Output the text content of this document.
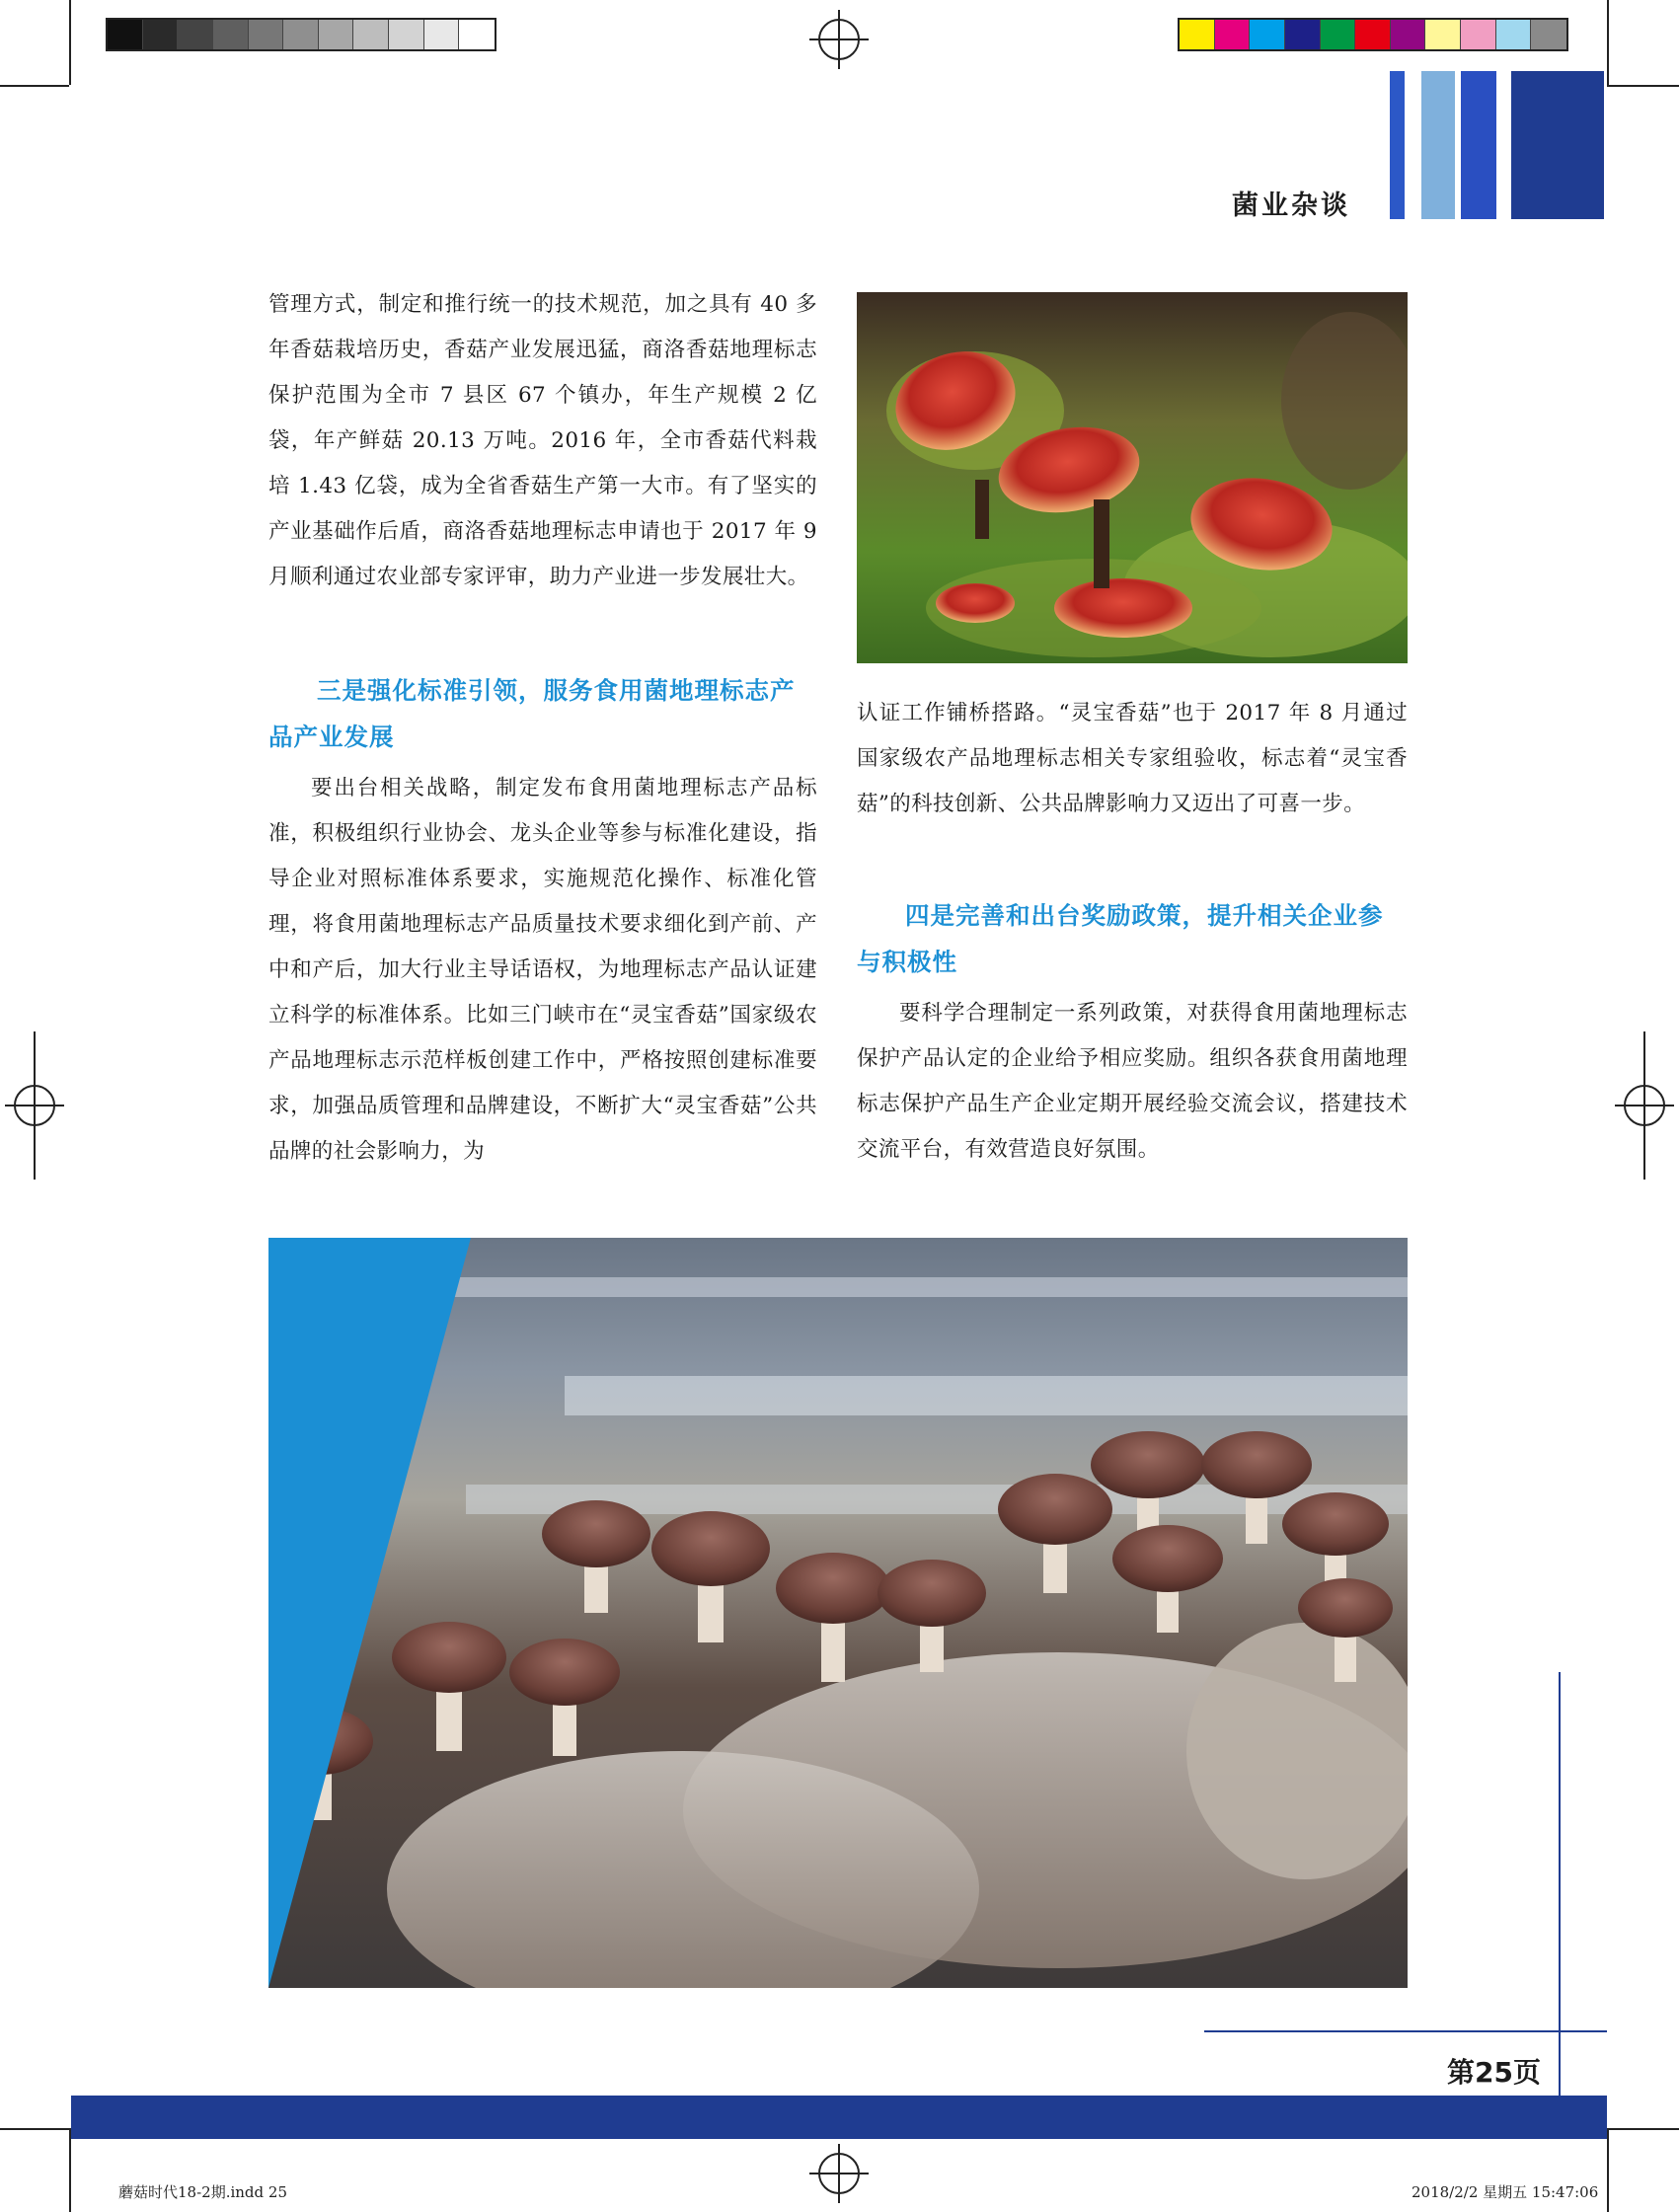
菌业杂谈

管理方式，制定和推行统一的技术规范，加之具有 40 多年香菇栽培历史，香菇产业发展迅猛，商洛香菇地理标志保护范围为全市 7 县区 67 个镇办，年生产规模 2 亿袋，年产鲜菇 20.13 万吨。2016 年，全市香菇代料栽培 1.43 亿袋，成为全省香菇生产第一大市。有了坚实的产业基础作后盾，商洛香菇地理标志申请也于 2017 年 9 月顺利通过农业部专家评审，助力产业进一步发展壮大。

三是强化标准引领，服务食用菌地理标志产品产业发展

要出台相关战略，制定发布食用菌地理标志产品标准，积极组织行业协会、龙头企业等参与标准化建设，指导企业对照标准体系要求，实施规范化操作、标准化管理，将食用菌地理标志产品质量技术要求细化到产前、产中和产后，加大行业主导话语权，为地理标志产品认证建立科学的标准体系。比如三门峡市在“灵宝香菇”国家级农产品地理标志示范样板创建工作中，严格按照创建标准要求，加强品质管理和品牌建设，不断扩大“灵宝香菇”公共品牌的社会影响力，为

认证工作铺桥搭路。“灵宝香菇”也于 2017 年 8 月通过国家级农产品地理标志相关专家组验收，标志着“灵宝香菇”的科技创新、公共品牌影响力又迈出了可喜一步。

四是完善和出台奖励政策，提升相关企业参与积极性

要科学合理制定一系列政策，对获得食用菌地理标志保护产品认定的企业给予相应奖励。组织各获食用菌地理标志保护产品生产企业定期开展经验交流会议，搭建技术交流平台，有效营造良好氛围。

第25页
蘑菇时代18-2期.indd 25	2018/2/2 星期五 15:47:06
